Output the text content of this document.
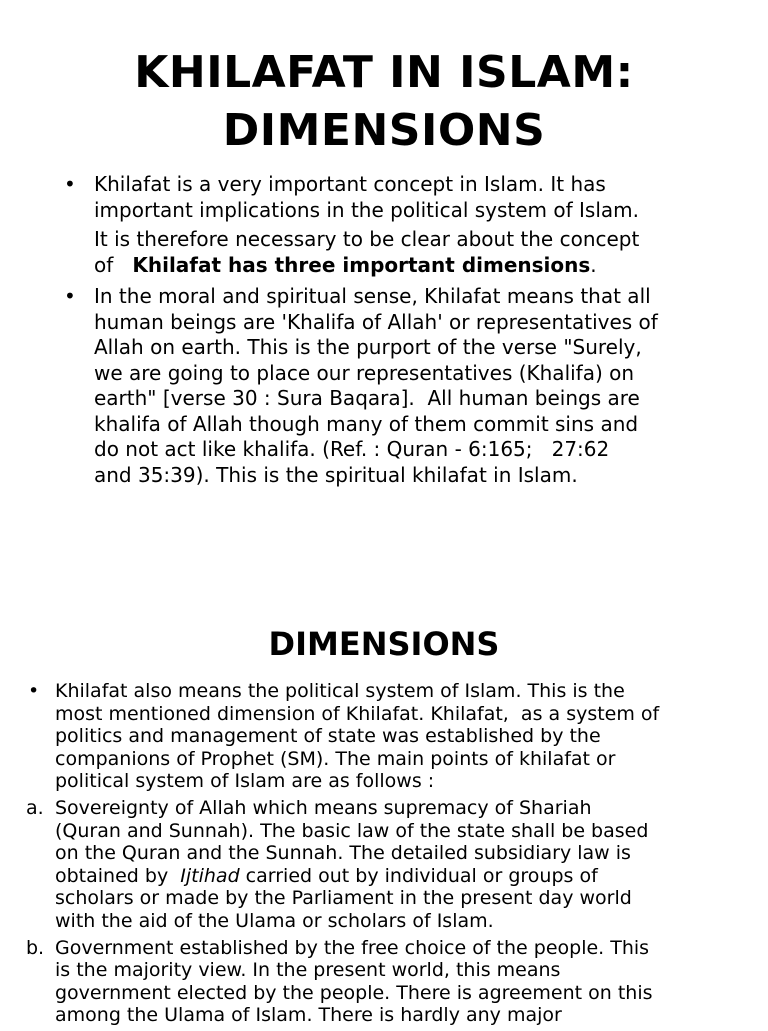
KHILAFAT IN ISLAM:
DIMENSIONS
• Khilafat is a very important concept in Islam. It has
important implications in the political system of Islam.
It is therefore necessary to be clear about the concept
of   Khilafat has three important dimensions.
• In the moral and spiritual sense, Khilafat means that all
human beings are 'Khalifa of Allah' or representatives of
Allah on earth. This is the purport of the verse "Surely,
we are going to place our representatives (Khalifa) on
earth" [verse 30 : Sura Baqara].  All human beings are
khalifa of Allah though many of them commit sins and
do not act like khalifa. (Ref. : Quran - 6:165;   27:62
and 35:39). This is the spiritual khilafat in Islam.
DIMENSIONS
• Khilafat also means the political system of Islam. This is the
most mentioned dimension of Khilafat. Khilafat,  as a system of
politics and management of state was established by the
companions of Prophet (SM). The main points of khilafat or
political system of Islam are as follows :
a. Sovereignty of Allah which means supremacy of Shariah
(Quran and Sunnah). The basic law of the state shall be based
on the Quran and the Sunnah. The detailed subsidiary law is
obtained by  Ijtihad carried out by individual or groups of
scholars or made by the Parliament in the present day world
with the aid of the Ulama or scholars of Islam.
b. Government established by the free choice of the people. This
is the majority view. In the present world, this means
government elected by the people. There is agreement on this
among the Ulama of Islam. There is hardly any major
